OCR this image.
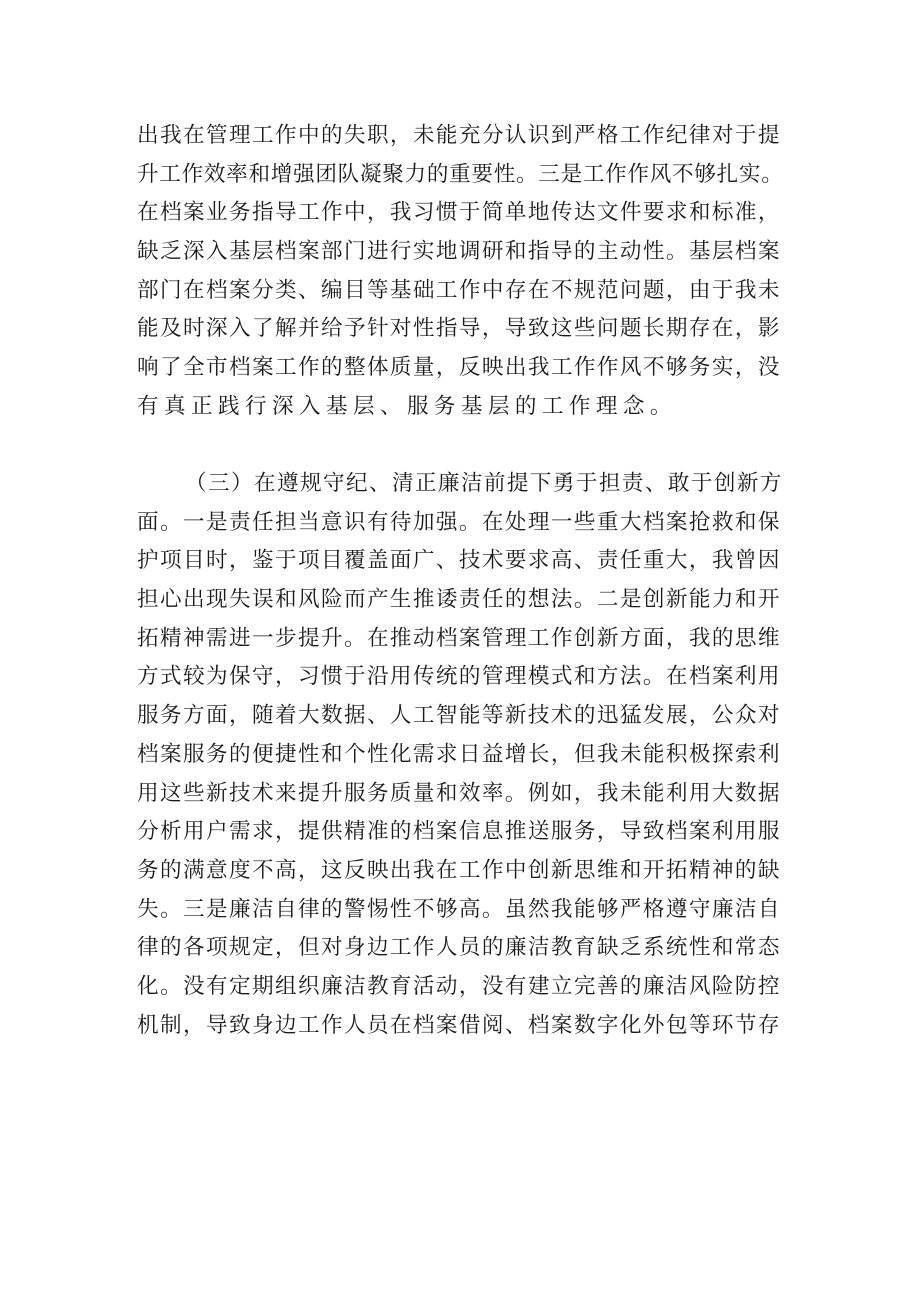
出我在管理工作中的失职，未能充分认识到严格工作纪律对于提
升工作效率和增强团队凝聚力的重要性。三是工作作风不够扎实。
在档案业务指导工作中，我习惯于简单地传达文件要求和标准，
缺乏深入基层档案部门进行实地调研和指导的主动性。基层档案
部门在档案分类、编目等基础工作中存在不规范问题，由于我未
能及时深入了解并给予针对性指导，导致这些问题长期存在，影
响了全市档案工作的整体质量，反映出我工作作风不够务实，没
有真正践行深入基层、服务基层的工作理念。
（三）在遵规守纪、清正廉洁前提下勇于担责、敢于创新方
面。一是责任担当意识有待加强。在处理一些重大档案抢救和保
护项目时，鉴于项目覆盖面广、技术要求高、责任重大，我曾因
担心出现失误和风险而产生推诿责任的想法。二是创新能力和开
拓精神需进一步提升。在推动档案管理工作创新方面，我的思维
方式较为保守，习惯于沿用传统的管理模式和方法。在档案利用
服务方面，随着大数据、人工智能等新技术的迅猛发展，公众对
档案服务的便捷性和个性化需求日益增长，但我未能积极探索利
用这些新技术来提升服务质量和效率。例如，我未能利用大数据
分析用户需求，提供精准的档案信息推送服务，导致档案利用服
务的满意度不高，这反映出我在工作中创新思维和开拓精神的缺
失。三是廉洁自律的警惕性不够高。虽然我能够严格遵守廉洁自
律的各项规定，但对身边工作人员的廉洁教育缺乏系统性和常态
化。没有定期组织廉洁教育活动，没有建立完善的廉洁风险防控
机制，导致身边工作人员在档案借阅、档案数字化外包等环节存
